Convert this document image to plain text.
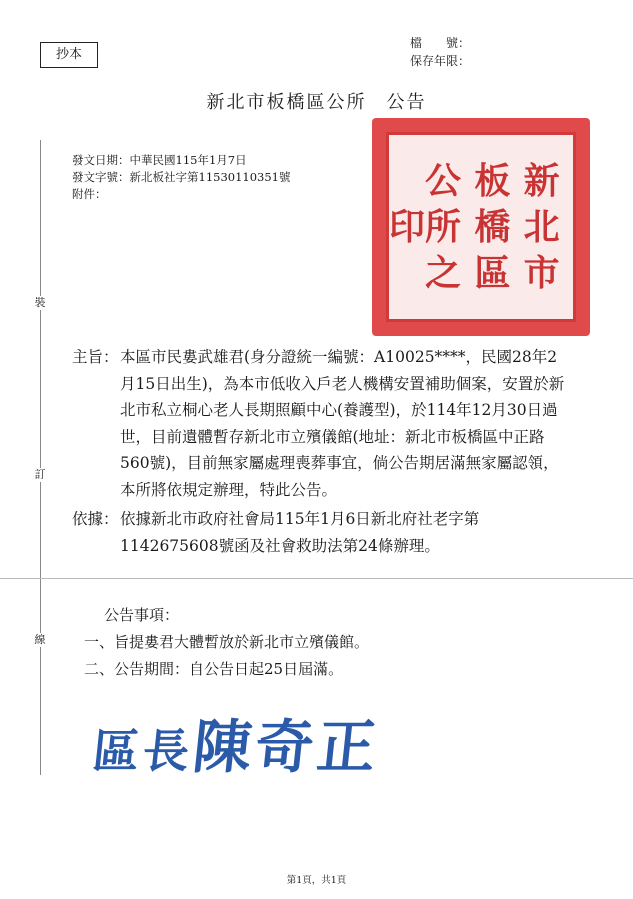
抄本
檔　　號：
保存年限：
新北市板橋區公所　公告
裝
訂
線
發文日期：中華民國115年1月7日
發文字號：新北板社字第11530110351號
附件：	新北市
板橋區
公所之
印
主旨： 本區市民婁武雄君(身分證統一編號：A10025****，民國28年2月15日出生)，為本市低收入戶老人機構安置補助個案，安置於新北市私立桐心老人長期照顧中心(養護型)，於114年12月30日過世，目前遺體暫存新北市立殯儀館(地址：新北市板橋區中正路560號)，目前無家屬處理喪葬事宜，倘公告期居滿無家屬認領，本所將依規定辦理，特此公告。
依據： 依據新北市政府社會局115年1月6日新北府社老字第1142675608號函及社會救助法第24條辦理。
公告事項：
一、旨提婁君大體暫放於新北市立殯儀館。
二、公告期間：自公告日起25日屆滿。
區長陳奇正
第1頁，共1頁
